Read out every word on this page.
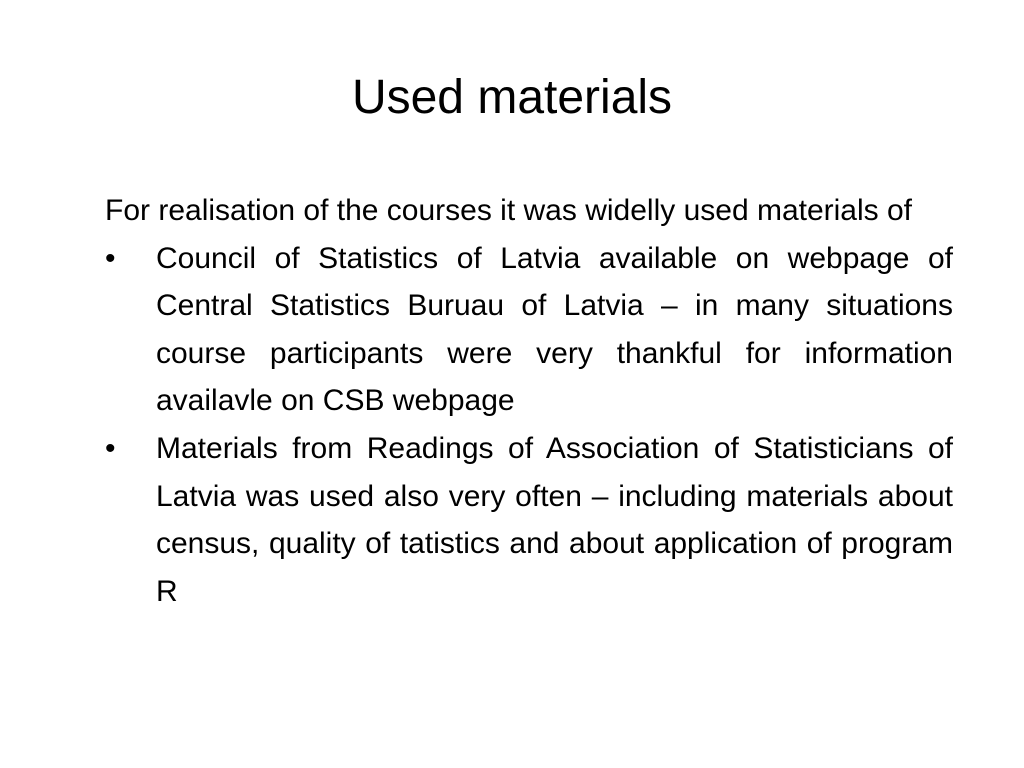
Used materials

For realisation of the courses it was widelly used materials of

•	Council of Statistics of Latvia available on webpage of Central Statistics Buruau of Latvia – in many situations course participants were very thankful for information availavle on CSB webpage
•	Materials from Readings of Association of Statisticians of Latvia was used also very often – including materials about census, quality of tatistics and about application of program R
